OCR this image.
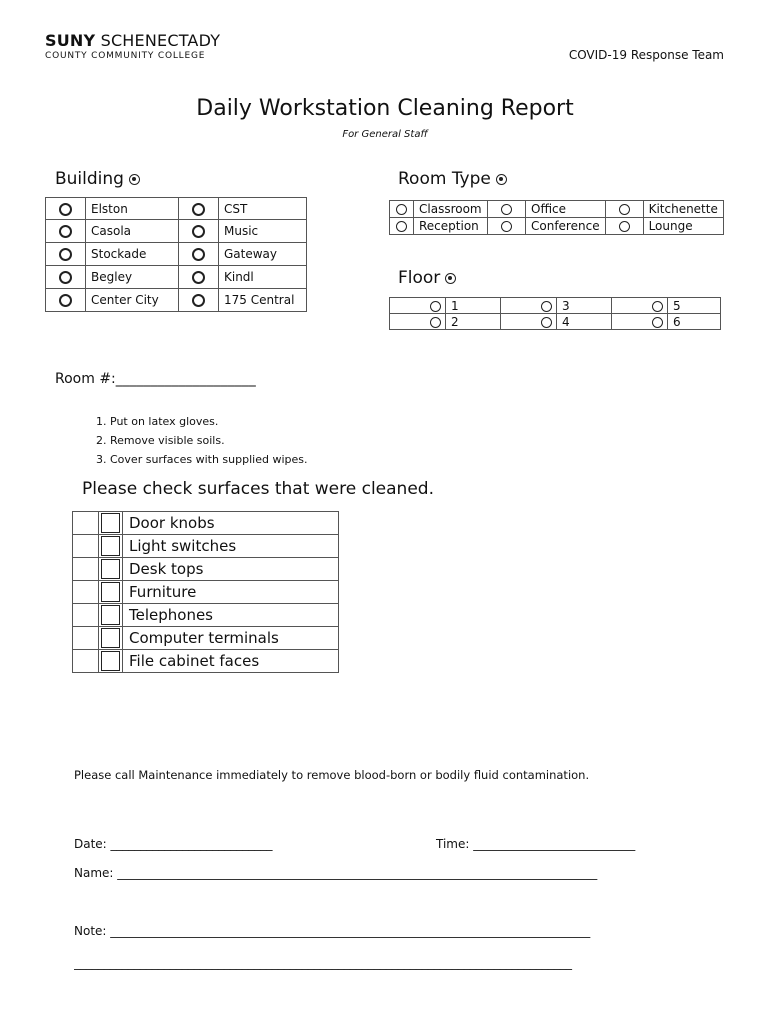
SUNY SCHENECTADY
COUNTY COMMUNITY COLLEGE	COVID-19 Response Team
Daily Workstation Cleaning Report
For General Staff
Building
	Elston		CST
	Casola		Music
	Stockade		Gateway
	Begley		Kindl
	Center City		175 Central
Room Type
	Classroom		Office		Kitchenette
	Reception		Conference		Lounge
Floor
	1		3		5
	2		4		6
Room #:____________________
1. Put on latex gloves.
2. Remove visible soils.
3. Cover surfaces with supplied wipes.
Please check surfaces that were cleaned.

	Door knobs

	Light switches

	Desk tops

	Furniture

	Telephones

	Computer terminals

	File cabinet faces
Please call Maintenance immediately to remove blood-born or bodily fluid contamination.
Date: ___________________________	Time: ___________________________
Name: ________________________________________________________________________________
Note: ________________________________________________________________________________
___________________________________________________________________________________
